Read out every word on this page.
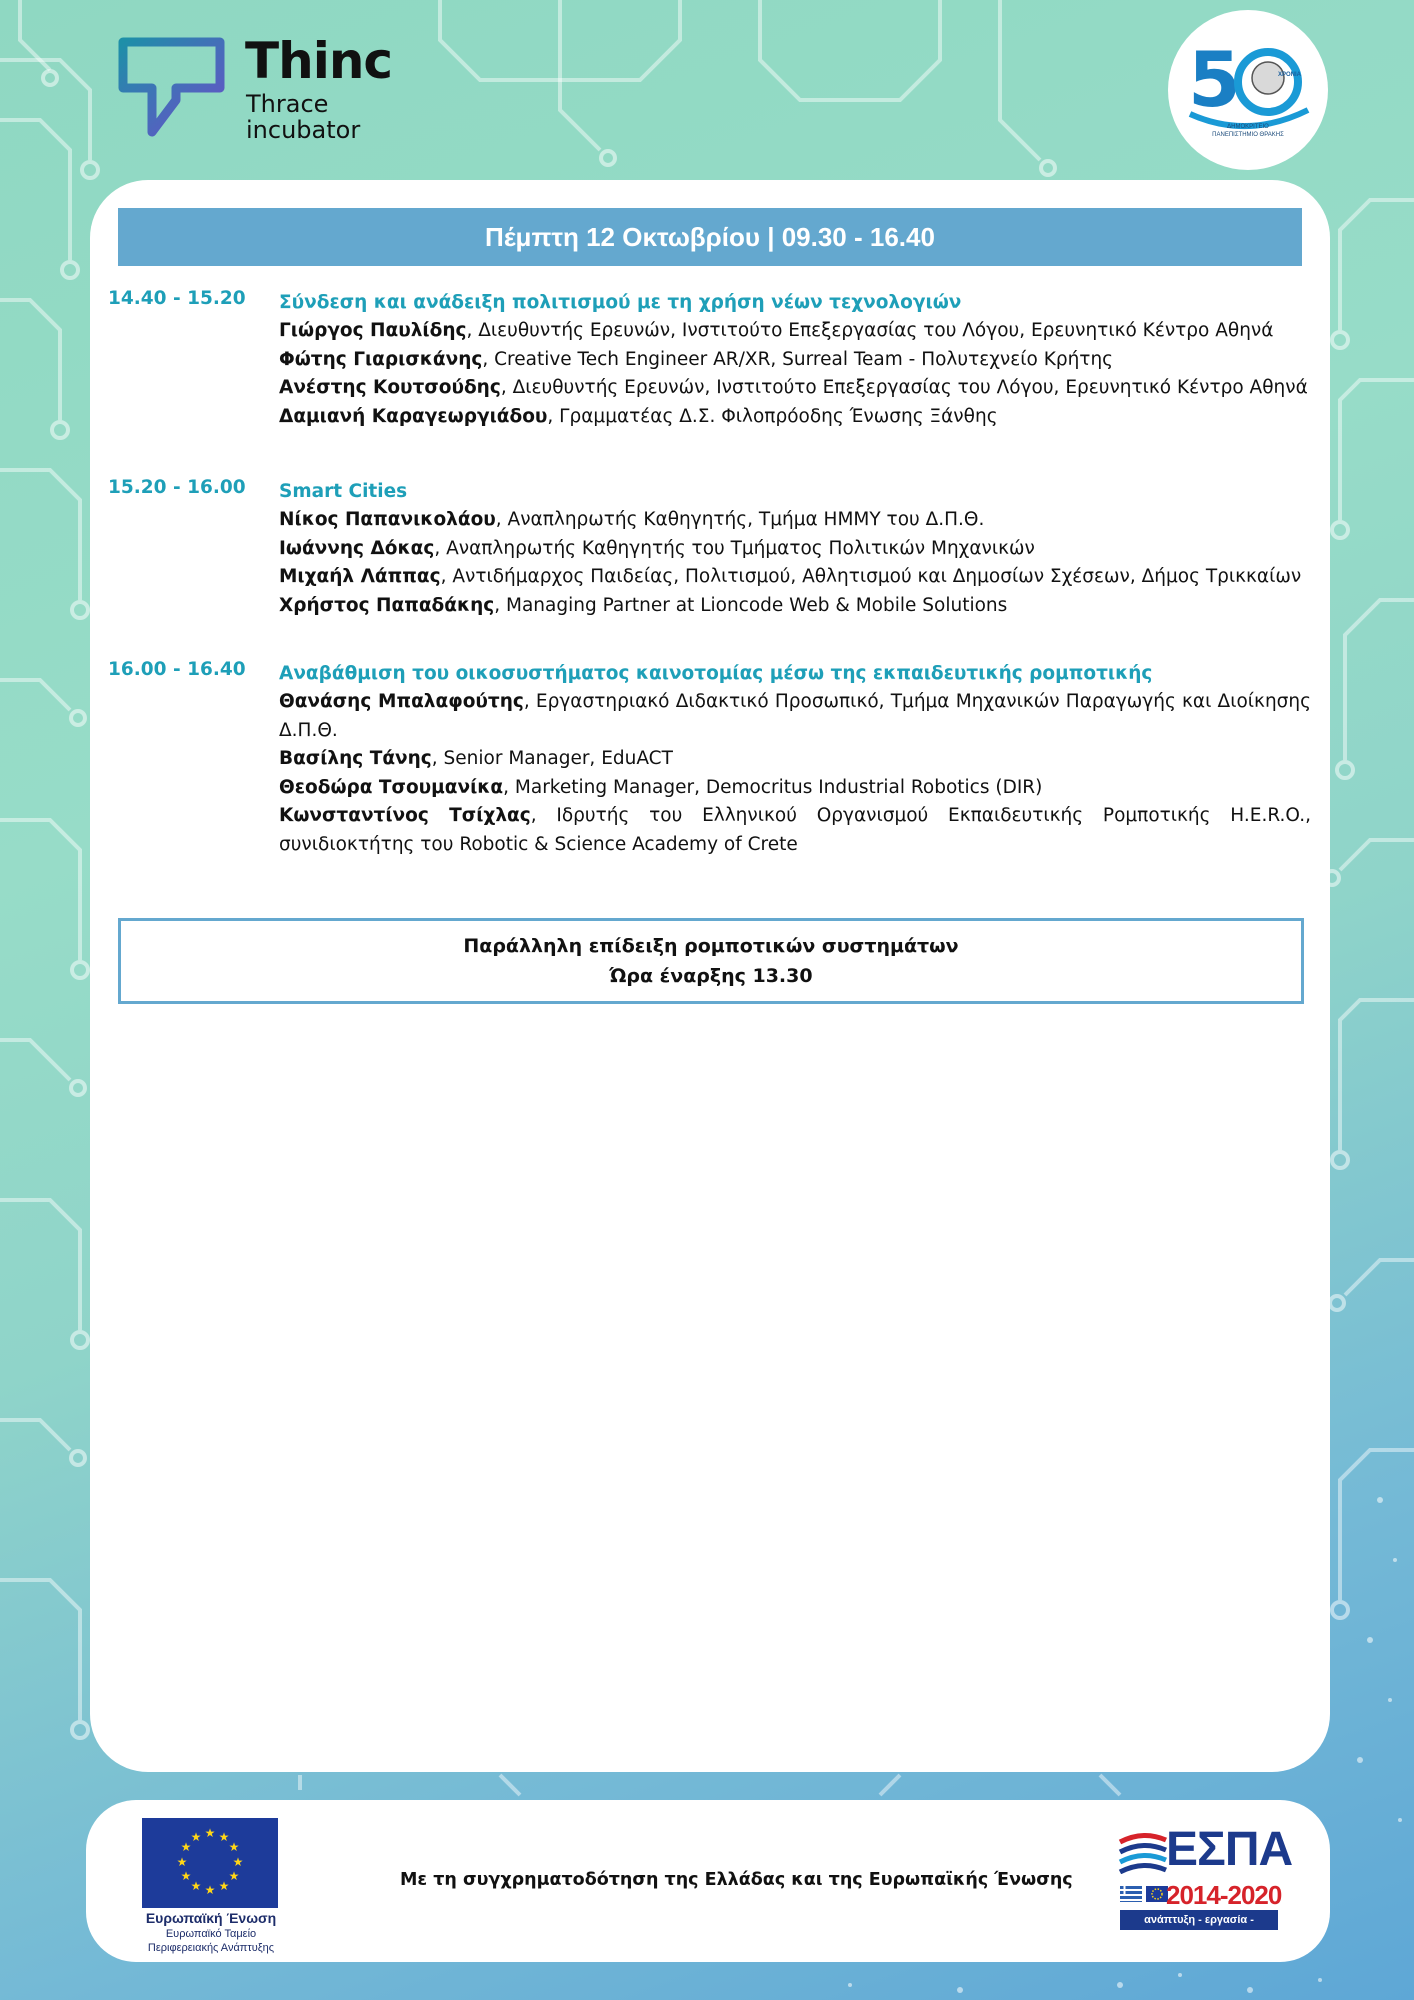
Thinc
Thrace
incubator
5	ΧΡΟΝΙΑ
ΔΗΜΟΚΡΙΤΕΙΟ
ΠΑΝΕΠΙΣΤΗΜΙΟ ΘΡΑΚΗΣ
Πέμπτη 12 Οκτωβρίου | 09.30 - 16.40
14.40 - 15.20 Σύνδεση και ανάδειξη πολιτισμού με τη χρήση νέων τεχνολογιών
Γιώργος Παυλίδης, Διευθυντής Ερευνών, Ινστιτούτο Επεξεργασίας του Λόγου, Ερευνητικό Κέντρο Αθηνά
Φώτης Γιαρισκάνης, Creative Tech Engineer AR/XR, Surreal Team - Πολυτεχνείο Κρήτης
Ανέστης Κουτσούδης, Διευθυντής Ερευνών, Ινστιτούτο Επεξεργασίας του Λόγου, Ερευνητικό Κέντρο Αθηνά
Δαμιανή Καραγεωργιάδου, Γραμματέας Δ.Σ. Φιλοπρόοδης Ένωσης Ξάνθης
15.20 - 16.00 Smart Cities
Νίκος Παπανικολάου, Αναπληρωτής Καθηγητής, Τμήμα ΗΜΜΥ του Δ.Π.Θ.
Ιωάννης Δόκας, Αναπληρωτής Καθηγητής του Τμήματος Πολιτικών Μηχανικών
Μιχαήλ Λάππας, Αντιδήμαρχος Παιδείας, Πολιτισμού, Αθλητισμού και Δημοσίων Σχέσεων, Δήμος Τρικκαίων
Χρήστος Παπαδάκης, Managing Partner at Lioncode Web & Mobile Solutions
16.00 - 16.40 Αναβάθμιση του οικοσυστήματος καινοτομίας μέσω της εκπαιδευτικής ρομποτικής
Θανάσης Μπαλαφούτης, Εργαστηριακό Διδακτικό Προσωπικό, Τμήμα Μηχανικών Παραγωγής και Διοίκησης Δ.Π.Θ.
Βασίλης Τάνης, Senior Manager, EduACT
Θεοδώρα Τσουμανίκα, Marketing Manager, Democritus Industrial Robotics (DIR)
Κωνσταντίνος Τσίχλας, Ιδρυτής του Ελληνικού Οργανισμού Εκπαιδευτικής Ρομποτικής H.E.R.O., συνιδιοκτήτης του Robotic & Science Academy of Crete
Παράλληλη επίδειξη ρομποτικών συστημάτων
Ώρα έναρξης 13.30
★ ★
★
★
★
★
★
★
★
★
★
★
Ευρωπαϊκή Ένωση
Ευρωπαϊκό Ταμείο
Περιφερειακής Ανάπτυξης
Με τη συγχρηματοδότηση της Ελλάδας και της Ευρωπαϊκής Ένωσης
ΕΣΠΑ
2014-2020
ανάπτυξη - εργασία - αλληλεγγύη
